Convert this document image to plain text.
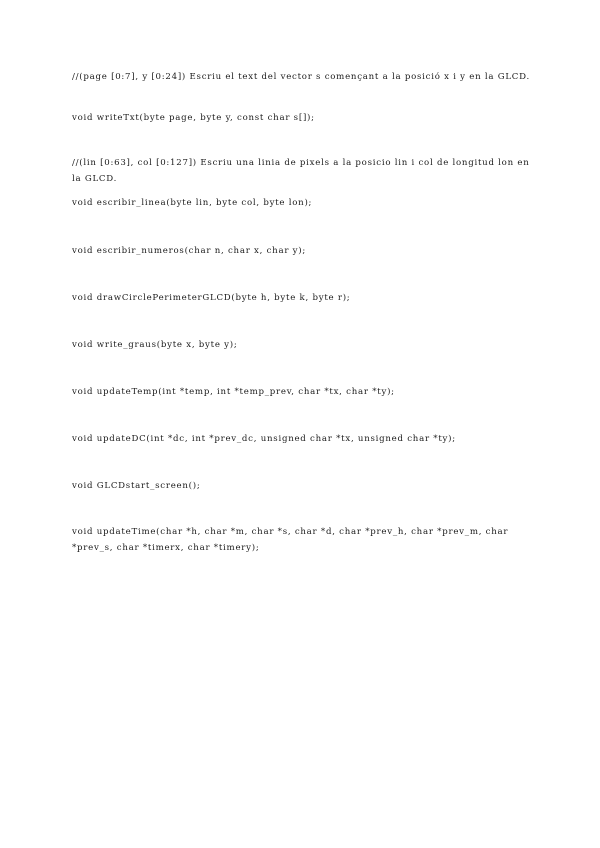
//(page [0:7], y [0:24]) Escriu el text del vector s començant a la posició x i y en la GLCD.

void writeTxt(byte page, byte y, const char s[]);

//(lin [0:63], col [0:127]) Escriu una linia de pixels a la posicio lin i col de longitud lon en la GLCD.

void escribir_linea(byte lin, byte col, byte lon);

void escribir_numeros(char n, char x, char y);

void drawCirclePerimeterGLCD(byte h, byte k, byte r);

void write_graus(byte x, byte y);

void updateTemp(int *temp, int *temp_prev, char *tx, char *ty);

void updateDC(int *dc, int *prev_dc, unsigned char *tx, unsigned char *ty);

void GLCDstart_screen();

void updateTime(char *h, char *m, char *s, char *d, char *prev_h, char *prev_m, char *prev_s, char *timerx, char *timery);
